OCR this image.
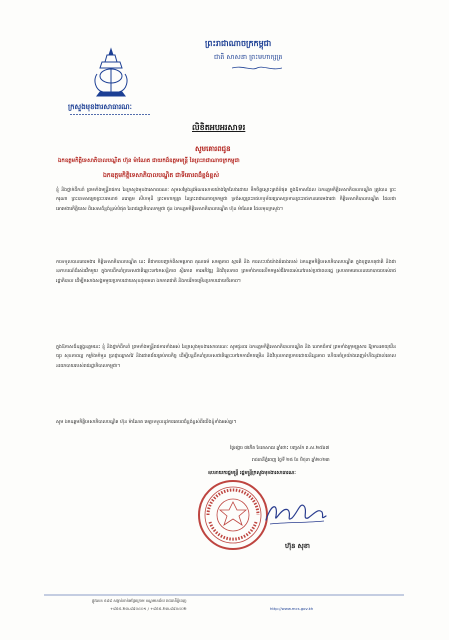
ក្រសួងមុខងារសាធារណៈ
ព្រះរាជាណាចក្រកម្ពុជា
ជាតិ សាសនា ព្រះមហាក្សត្រ
លិខិតអបអរសាទរ
សូមគោរពជូន
ឯកឧត្តមកិត្តិទេសាភិបាលបណ្ឌិត ហ៊ុន ម៉ាណែត ជាយកដ៏ឧត្ដមមន្ត្រី នៃព្រះរាជាណាចក្រកម្ពុជា
ឯកឧត្តមកិត្តិទេសាភិបាលបណ្ឌិត ជាទីគោរពដ៏ខ្ពង់ខ្ពស់
ខ្ញុំ និងថ្នាក់ដឹកនាំ ព្រមទាំងមន្ត្រីរាជការ នៃក្រសួងមុខងារសាធារណៈ សូមសម្តែងនូវអំណរសាទរយ៉ាងក្រៃលែងដោយ ទឹកចិត្តស្មោះត្រង់បំផុត ក្នុងឱកាសដែល ឯកឧត្តមកិត្តិទេសាភិបាលបណ្ឌិត ត្រូវបាន ព្រះករុណា ព្រះបាទសម្តេចព្រះបរមនាថ នរោត្តម សីហមុនី ព្រះមហាក្សត្រ នៃព្រះរាជាណាចក្រកម្ពុជា ទ្រង់សព្វព្រះរាជហឫទ័យប្រោសប្រទានព្រះរាជទានគោរមងារជា កិត្តិទេសាភិបាលបណ្ឌិត ដែលជាគោរមងារកិត្តិយស ពិសេសដ៏ខ្ពង់ខ្ពស់បំផុត នៃរាជរដ្ឋាភិបាលកម្ពុជា ជូន ឯកឧត្តមកិត្តិទេសាភិបាលបណ្ឌិត ហ៊ុន ម៉ាណែត ដែលមុខក្រសួង។
ការទទួលបានគោរមងារ កិត្តិទេសាភិបាលបណ្ឌិត នេះ គឺជាការបញ្ជាក់ពីសមត្ថភាព គុណធម៌ សមត្ថភាព ស្មារតី និង ការលះបង់យ៉ាងធំធេងរបស់ ឯកឧត្តមកិត្តិទេសាភិបាលបណ្ឌិត ក្នុងបុព្វហេតុជាតិ និងជាឧទាហរណ៍ដ៏រស់រវើកមួយ ក្នុងការដឹកនាំប្រទេសជាតិឆ្ពោះទៅរកសន្តិភាព ស្ថិរភាព ការអភិវឌ្ឍ និងវិបុលភាព ព្រមទាំងការលើកកម្ពស់ជីវភាពរស់នៅរបស់ប្រជាពលរដ្ឋ ស្របតាមគោលនយោបាយរបស់រាជរដ្ឋាភិបាល ដើម្បីកសាងសង្គមមួយប្រកបដោយសុខដុមរមនា ឯកភាពជាតិ និងការរីកចម្រើនប្រកបដោយចីរភាព។
ក្នុងឱកាសដ៏ឧត្តុង្គឧត្តមនេះ ខ្ញុំ និងថ្នាក់ដឹកនាំ ព្រមទាំងមន្ត្រីរាជការទាំងអស់ នៃក្រសួងមុខងារសាធារណៈ សូមជូនពរ ឯកឧត្តមកិត្តិទេសាភិបាលបណ្ឌិត និង លោកជំទាវ ព្រមទាំងក្រុមគ្រួសារ ឱ្យមានអាយុយឺនយូរ សុខភាពល្អ កម្លាំងមាំមួន ប្រាជ្ញាឈ្លាសវៃ និងជោគជ័យគ្រប់ភារកិច្ច ដើម្បីបន្តដឹកនាំប្រទេសជាតិឆ្ពោះទៅរកការរីកចម្រើន និងវិបុលភាពប្រកបដោយនិរន្តរភាព ហើយគាំទ្រយ៉ាងពេញទំហឹងនូវរាល់គោលនយោបាយរបស់រាជរដ្ឋាភិបាលកម្ពុជា។
សូម ឯកឧត្តមកិត្តិទេសាភិបាលបណ្ឌិត ហ៊ុន ម៉ាណែត មេត្តាទទួលនូវការគោរពដ៏ខ្ពង់ខ្ពស់ពីយើងខ្ញុំទាំងអស់គ្នា។
ថ្ងៃអង្គារ ៧កើត ខែអាសាឍ ឆ្នាំថោះ បញ្ចស័ក ព.ស.២៥៦៧
រាជធានីភ្នំពេញ ថ្ងៃទី ២៥ ខែ មិថុនា ឆ្នាំ២០២៣
ឧបនាយករដ្ឋមន្ត្រី រដ្ឋមន្ត្រីក្រសួងមុខងារសាធារណៈ
ហ៊ុន សុខា
ផ្លូវលេខ ៥៩៨ សង្កាត់ចាក់អង្រែក្រោម ខណ្ឌមានជ័យ រាជធានីភ្នំពេញ
+៨៥៥-២៣-៨៨០៤០១ / +៨៥៥-២៣-៨៨០៤០២	http://www.mcs.gov.kh
